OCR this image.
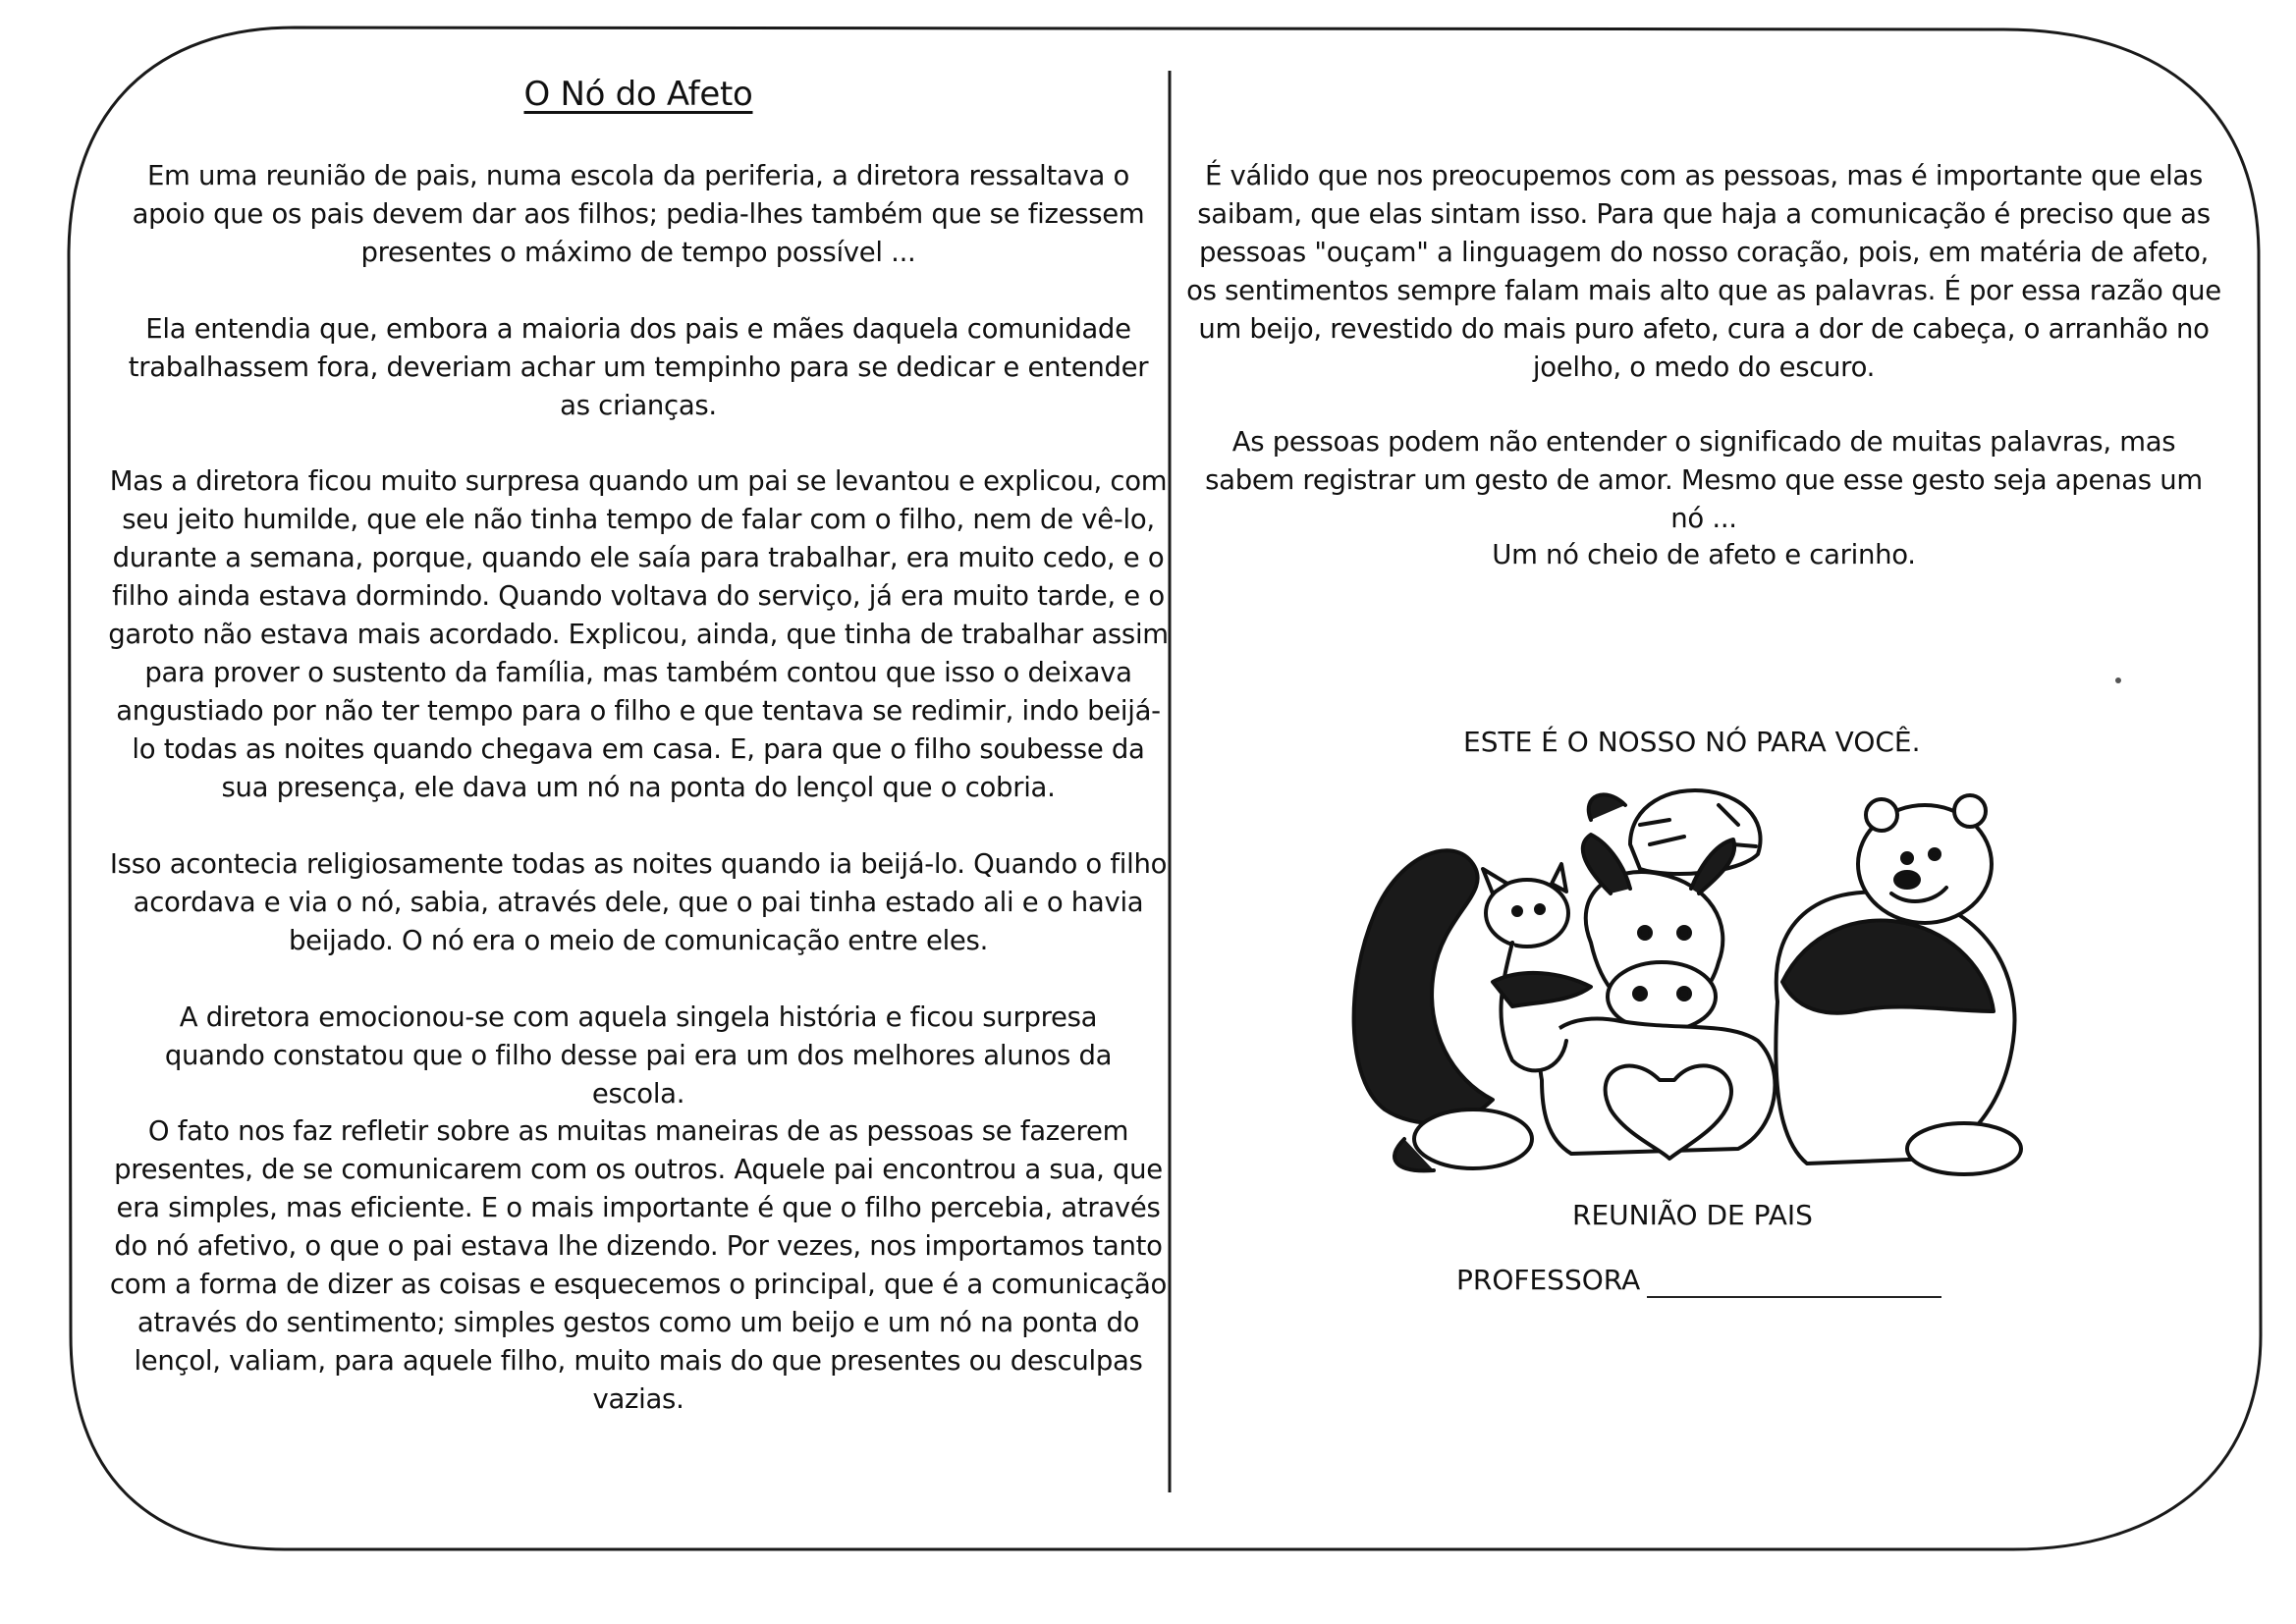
O Nó do Afeto

Em uma reunião de pais, numa escola da periferia, a diretora ressaltava o apoio que os pais devem dar aos filhos; pedia-lhes também que se fizessem presentes o máximo de tempo possível ...

Ela entendia que, embora a maioria dos pais e mães daquela comunidade trabalhassem fora, deveriam achar um tempinho para se dedicar e entender as crianças.

Mas a diretora ficou muito surpresa quando um pai se levantou e explicou, com seu jeito humilde, que ele não tinha tempo de falar com o filho, nem de vê-lo, durante a semana, porque, quando ele saía para trabalhar, era muito cedo, e o filho ainda estava dormindo. Quando voltava do serviço, já era muito tarde, e o garoto não estava mais acordado. Explicou, ainda, que tinha de trabalhar assim para prover o sustento da família, mas também contou que isso o deixava angustiado por não ter tempo para o filho e que tentava se redimir, indo beijá-lo todas as noites quando chegava em casa. E, para que o filho soubesse da sua presença, ele dava um nó na ponta do lençol que o cobria.

Isso acontecia religiosamente todas as noites quando ia beijá-lo. Quando o filho acordava e via o nó, sabia, através dele, que o pai tinha estado ali e o havia beijado. O nó era o meio de comunicação entre eles.

A diretora emocionou-se com aquela singela história e ficou surpresa quando constatou que o filho desse pai era um dos melhores alunos da escola.

O fato nos faz refletir sobre as muitas maneiras de as pessoas se fazerem presentes, de se comunicarem com os outros. Aquele pai encontrou a sua, que era simples, mas eficiente. E o mais importante é que o filho percebia, através do nó afetivo, o que o pai estava lhe dizendo. Por vezes, nos importamos tanto com a forma de dizer as coisas e esquecemos o principal, que é a comunicação através do sentimento; simples gestos como um beijo e um nó na ponta do lençol, valiam, para aquele filho, muito mais do que presentes ou desculpas vazias.

É válido que nos preocupemos com as pessoas, mas é importante que elas saibam, que elas sintam isso. Para que haja a comunicação é preciso que as pessoas "ouçam" a linguagem do nosso coração, pois, em matéria de afeto, os sentimentos sempre falam mais alto que as palavras. É por essa razão que um beijo, revestido do mais puro afeto, cura a dor de cabeça, o arranhão no joelho, o medo do escuro.

As pessoas podem não entender o significado de muitas palavras, mas sabem registrar um gesto de amor. Mesmo que esse gesto seja apenas um nó ...

Um nó cheio de afeto e carinho.

ESTE É O NOSSO NÓ PARA VOCÊ.
REUNIÃO DE PAIS
PROFESSORA
